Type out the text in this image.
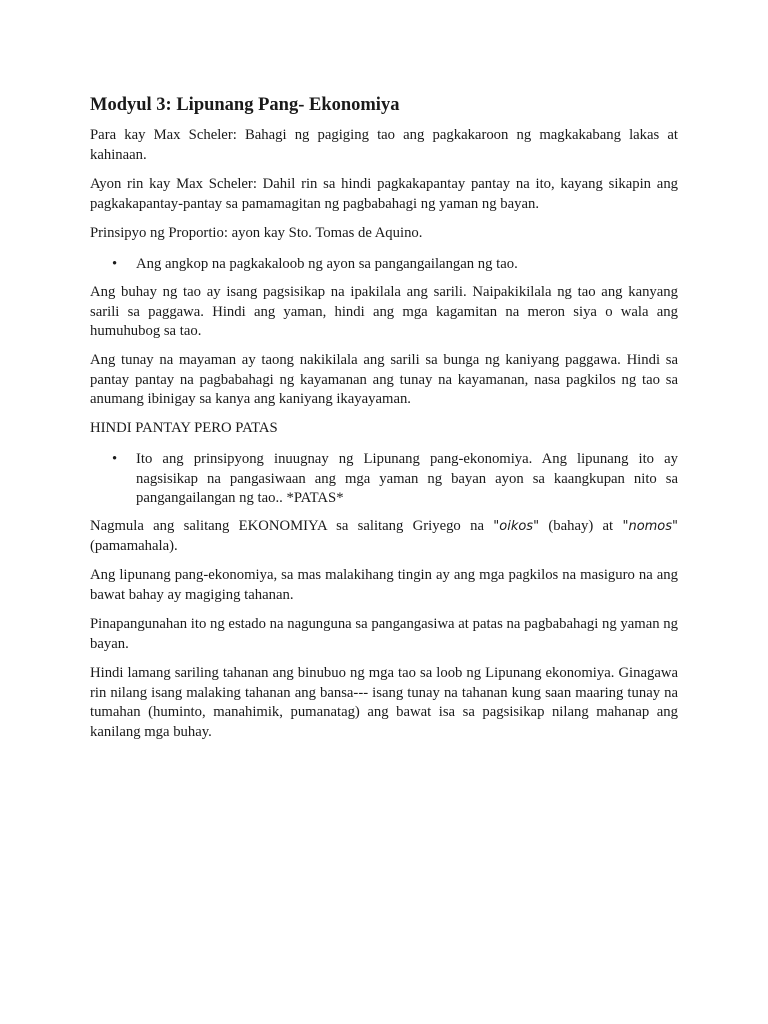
Modyul 3: Lipunang Pang- Ekonomiya

Para kay Max Scheler: Bahagi ng pagiging tao ang pagkakaroon ng magkakabang lakas at kahinaan.

Ayon rin kay Max Scheler: Dahil rin sa hindi pagkakapantay pantay na ito, kayang sikapin ang pagkakapantay-pantay sa pamamagitan ng pagbabahagi ng yaman ng bayan.

Prinsipyo ng Proportio: ayon kay Sto. Tomas de Aquino.

•	Ang angkop na pagkakaloob ng ayon sa pangangailangan ng tao.

Ang buhay ng tao ay isang pagsisikap na ipakilala ang sarili. Naipakikilala ng tao ang kanyang sarili sa paggawa. Hindi ang yaman, hindi ang mga kagamitan na meron siya o wala ang humuhubog sa tao.

Ang tunay na mayaman ay taong nakikilala ang sarili sa bunga ng kaniyang paggawa. Hindi sa pantay pantay na pagbabahagi ng kayamanan ang tunay na kayamanan, nasa pagkilos ng tao sa anumang ibinigay sa kanya ang kaniyang ikayayaman.

HINDI PANTAY PERO PATAS

•	Ito ang prinsipyong inuugnay ng Lipunang pang-ekonomiya. Ang lipunang ito ay nagsisikap na pangasiwaan ang mga yaman ng bayan ayon sa kaangkupan nito sa pangangailangan ng tao.. *PATAS*

Nagmula ang salitang EKONOMIYA sa salitang Griyego na "oikos" (bahay) at "nomos" (pamamahala).

Ang lipunang pang-ekonomiya, sa mas malakihang tingin ay ang mga pagkilos na masiguro na ang bawat bahay ay magiging tahanan.

Pinapangunahan ito ng estado na nagunguna sa pangangasiwa at patas na pagbabahagi ng yaman ng bayan.

Hindi lamang sariling tahanan ang binubuo ng mga tao sa loob ng Lipunang ekonomiya. Ginagawa rin nilang isang malaking tahanan ang bansa--- isang tunay na tahanan kung saan maaring tunay na tumahan (huminto, manahimik, pumanatag) ang bawat isa sa pagsisikap nilang mahanap ang kanilang mga buhay.
